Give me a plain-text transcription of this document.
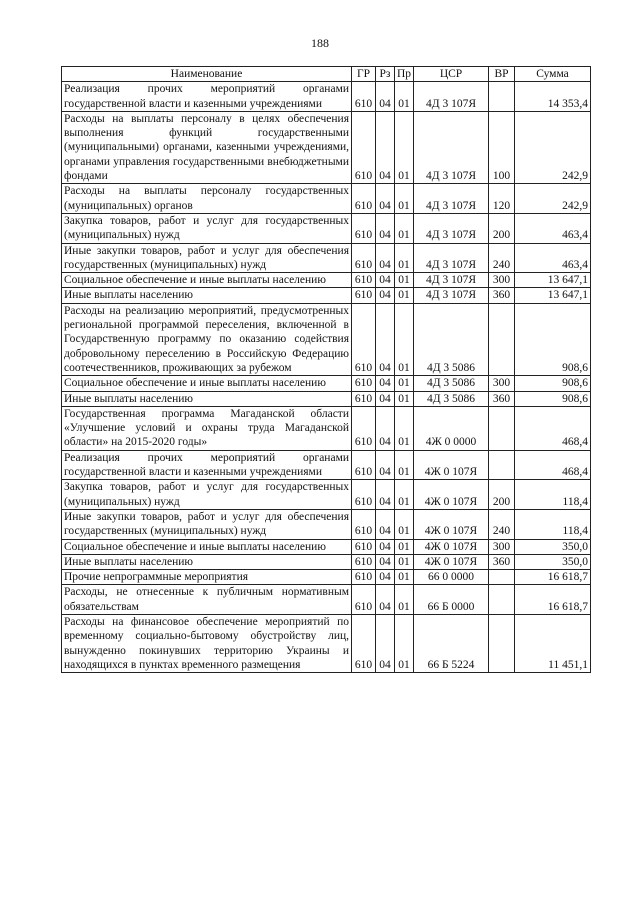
188
Наименование	ГР	Рз	Пр	ЦСР	ВР	Сумма
Реализация прочих мероприятий органами государственной власти и казенными учреждениями	610	04	01	4Д 3 107Я		14 353,4
Расходы на выплаты персоналу в целях обеспечения выполнения функций государственными (муниципальными) органами, казенными учреждениями, органами управления государственными внебюджетными фондами	610	04	01	4Д 3 107Я	100	242,9
Расходы на выплаты персоналу государственных (муниципальных) органов	610	04	01	4Д 3 107Я	120	242,9
Закупка товаров, работ и услуг для государственных (муниципальных) нужд	610	04	01	4Д 3 107Я	200	463,4
Иные закупки товаров, работ и услуг для обеспечения государственных (муниципальных) нужд	610	04	01	4Д 3 107Я	240	463,4
Социальное обеспечение и иные выплаты населению	610	04	01	4Д 3 107Я	300	13 647,1
Иные выплаты населению	610	04	01	4Д 3 107Я	360	13 647,1
Расходы на реализацию мероприятий, предусмотренных региональной программой переселения, включенной в Государственную программу по оказанию содействия добровольному переселению в Российскую Федерацию соотечественников, проживающих за рубежом	610	04	01	4Д 3 5086		908,6
Социальное обеспечение и иные выплаты населению	610	04	01	4Д 3 5086	300	908,6
Иные выплаты населению	610	04	01	4Д 3 5086	360	908,6
Государственная программа Магаданской области «Улучшение условий и охраны труда Магаданской области» на 2015-2020 годы»	610	04	01	4Ж 0 0000		468,4
Реализация прочих мероприятий органами государственной власти и казенными учреждениями	610	04	01	4Ж 0 107Я		468,4
Закупка товаров, работ и услуг для государственных (муниципальных) нужд	610	04	01	4Ж 0 107Я	200	118,4
Иные закупки товаров, работ и услуг для обеспечения государственных (муниципальных) нужд	610	04	01	4Ж 0 107Я	240	118,4
Социальное обеспечение и иные выплаты населению	610	04	01	4Ж 0 107Я	300	350,0
Иные выплаты населению	610	04	01	4Ж 0 107Я	360	350,0
Прочие непрограммные мероприятия	610	04	01	66 0 0000		16 618,7
Расходы, не отнесенные к публичным нормативным обязательствам	610	04	01	66 Б 0000		16 618,7
Расходы на финансовое обеспечение мероприятий по временному социально-бытовому обустройству лиц, вынужденно покинувших территорию Украины и находящихся в пунктах временного размещения	610	04	01	66 Б 5224		11 451,1
